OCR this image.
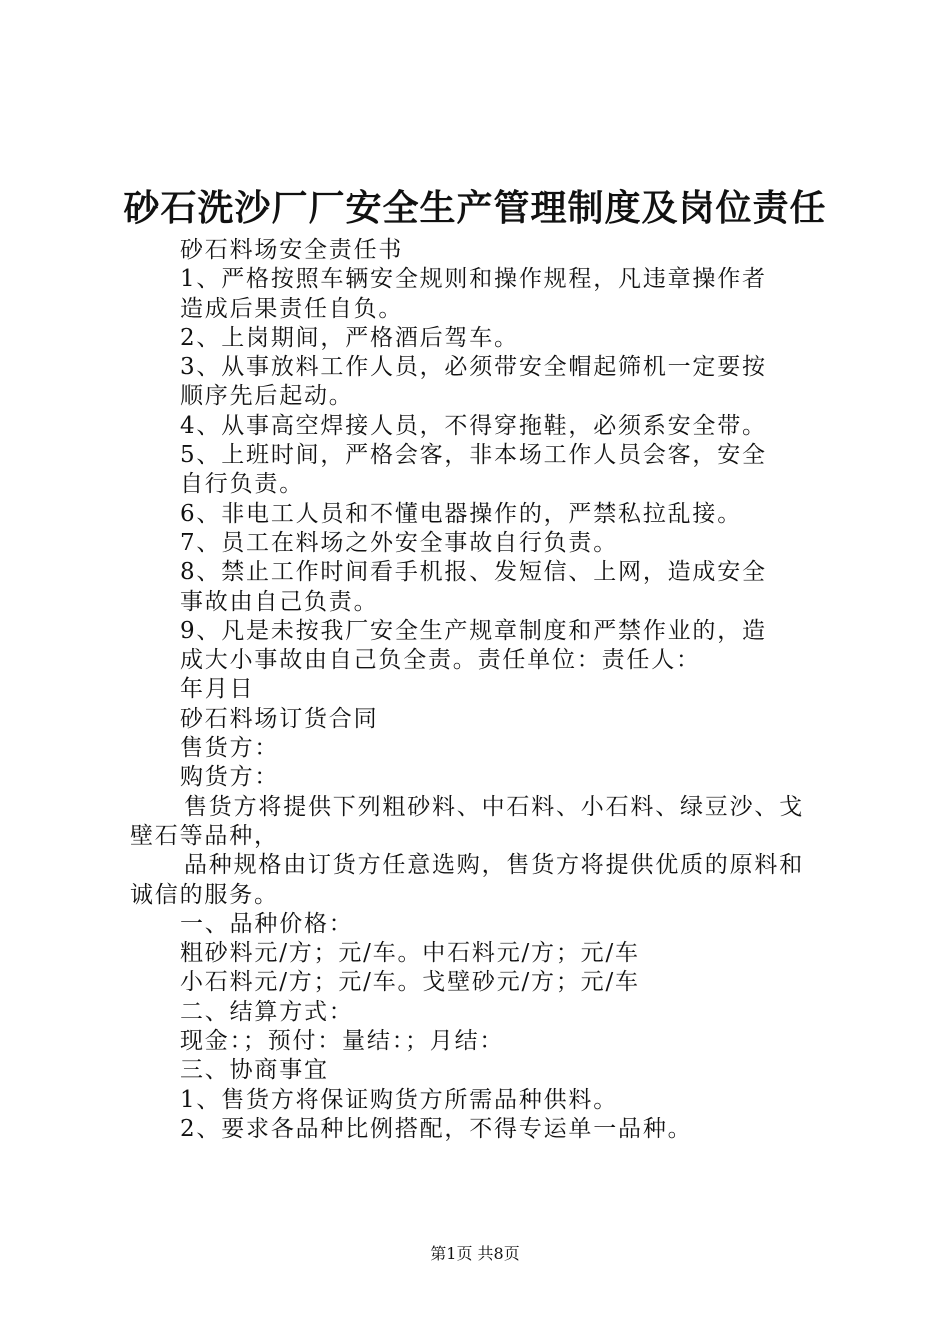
砂石洗沙厂厂安全生产管理制度及岗位责任
砂石料场安全责任书
1、严格按照车辆安全规则和操作规程，凡违章操作者
造成后果责任自负。
2、上岗期间，严格酒后驾车。
3、从事放料工作人员，必须带安全帽起筛机一定要按
顺序先后起动。
4、从事高空焊接人员，不得穿拖鞋，必须系安全带。
5、上班时间，严格会客，非本场工作人员会客，安全
自行负责。
6、非电工人员和不懂电器操作的，严禁私拉乱接。
7、员工在料场之外安全事故自行负责。
8、禁止工作时间看手机报、发短信、上网，造成安全
事故由自己负责。
9、凡是未按我厂安全生产规章制度和严禁作业的，造
成大小事故由自己负全责。责任单位：责任人：
年月日
砂石料场订货合同
售货方：
购货方：
售货方将提供下列粗砂料、中石料、小石料、绿豆沙、戈
壁石等品种，
品种规格由订货方任意选购，售货方将提供优质的原料和
诚信的服务。
一、品种价格：
粗砂料元/方；元/车。中石料元/方；元/车
小石料元/方；元/车。戈壁砂元/方；元/车
二、结算方式：
现金：；预付：量结：；月结：
三、协商事宜
1、售货方将保证购货方所需品种供料。
2、要求各品种比例搭配，不得专运单一品种。
第1页 共8页
